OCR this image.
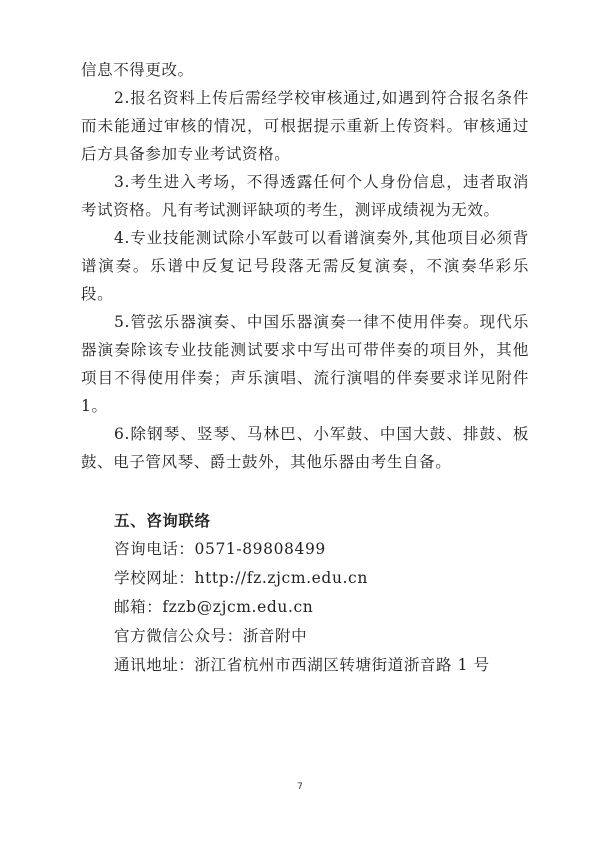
信息不得更改。

2.报名资料上传后需经学校审核通过,如遇到符合报名条件而未能通过审核的情况，可根据提示重新上传资料。审核通过后方具备参加专业考试资格。

3.考生进入考场，不得透露任何个人身份信息，违者取消考试资格。凡有考试测评缺项的考生，测评成绩视为无效。

4.专业技能测试除小军鼓可以看谱演奏外,其他项目必须背谱演奏。乐谱中反复记号段落无需反复演奏，不演奏华彩乐段。

5.管弦乐器演奏、中国乐器演奏一律不使用伴奏。现代乐器演奏除该专业技能测试要求中写出可带伴奏的项目外，其他项目不得使用伴奏；声乐演唱、流行演唱的伴奏要求详见附件 1。

6.除钢琴、竖琴、马林巴、小军鼓、中国大鼓、排鼓、板鼓、电子管风琴、爵士鼓外，其他乐器由考生自备。

五、咨询联络

咨询电话：0571-89808499

学校网址：http://fz.zjcm.edu.cn

邮箱：fzzb@zjcm.edu.cn

官方微信公众号：浙音附中

通讯地址：浙江省杭州市西湖区转塘街道浙音路 1 号

7
